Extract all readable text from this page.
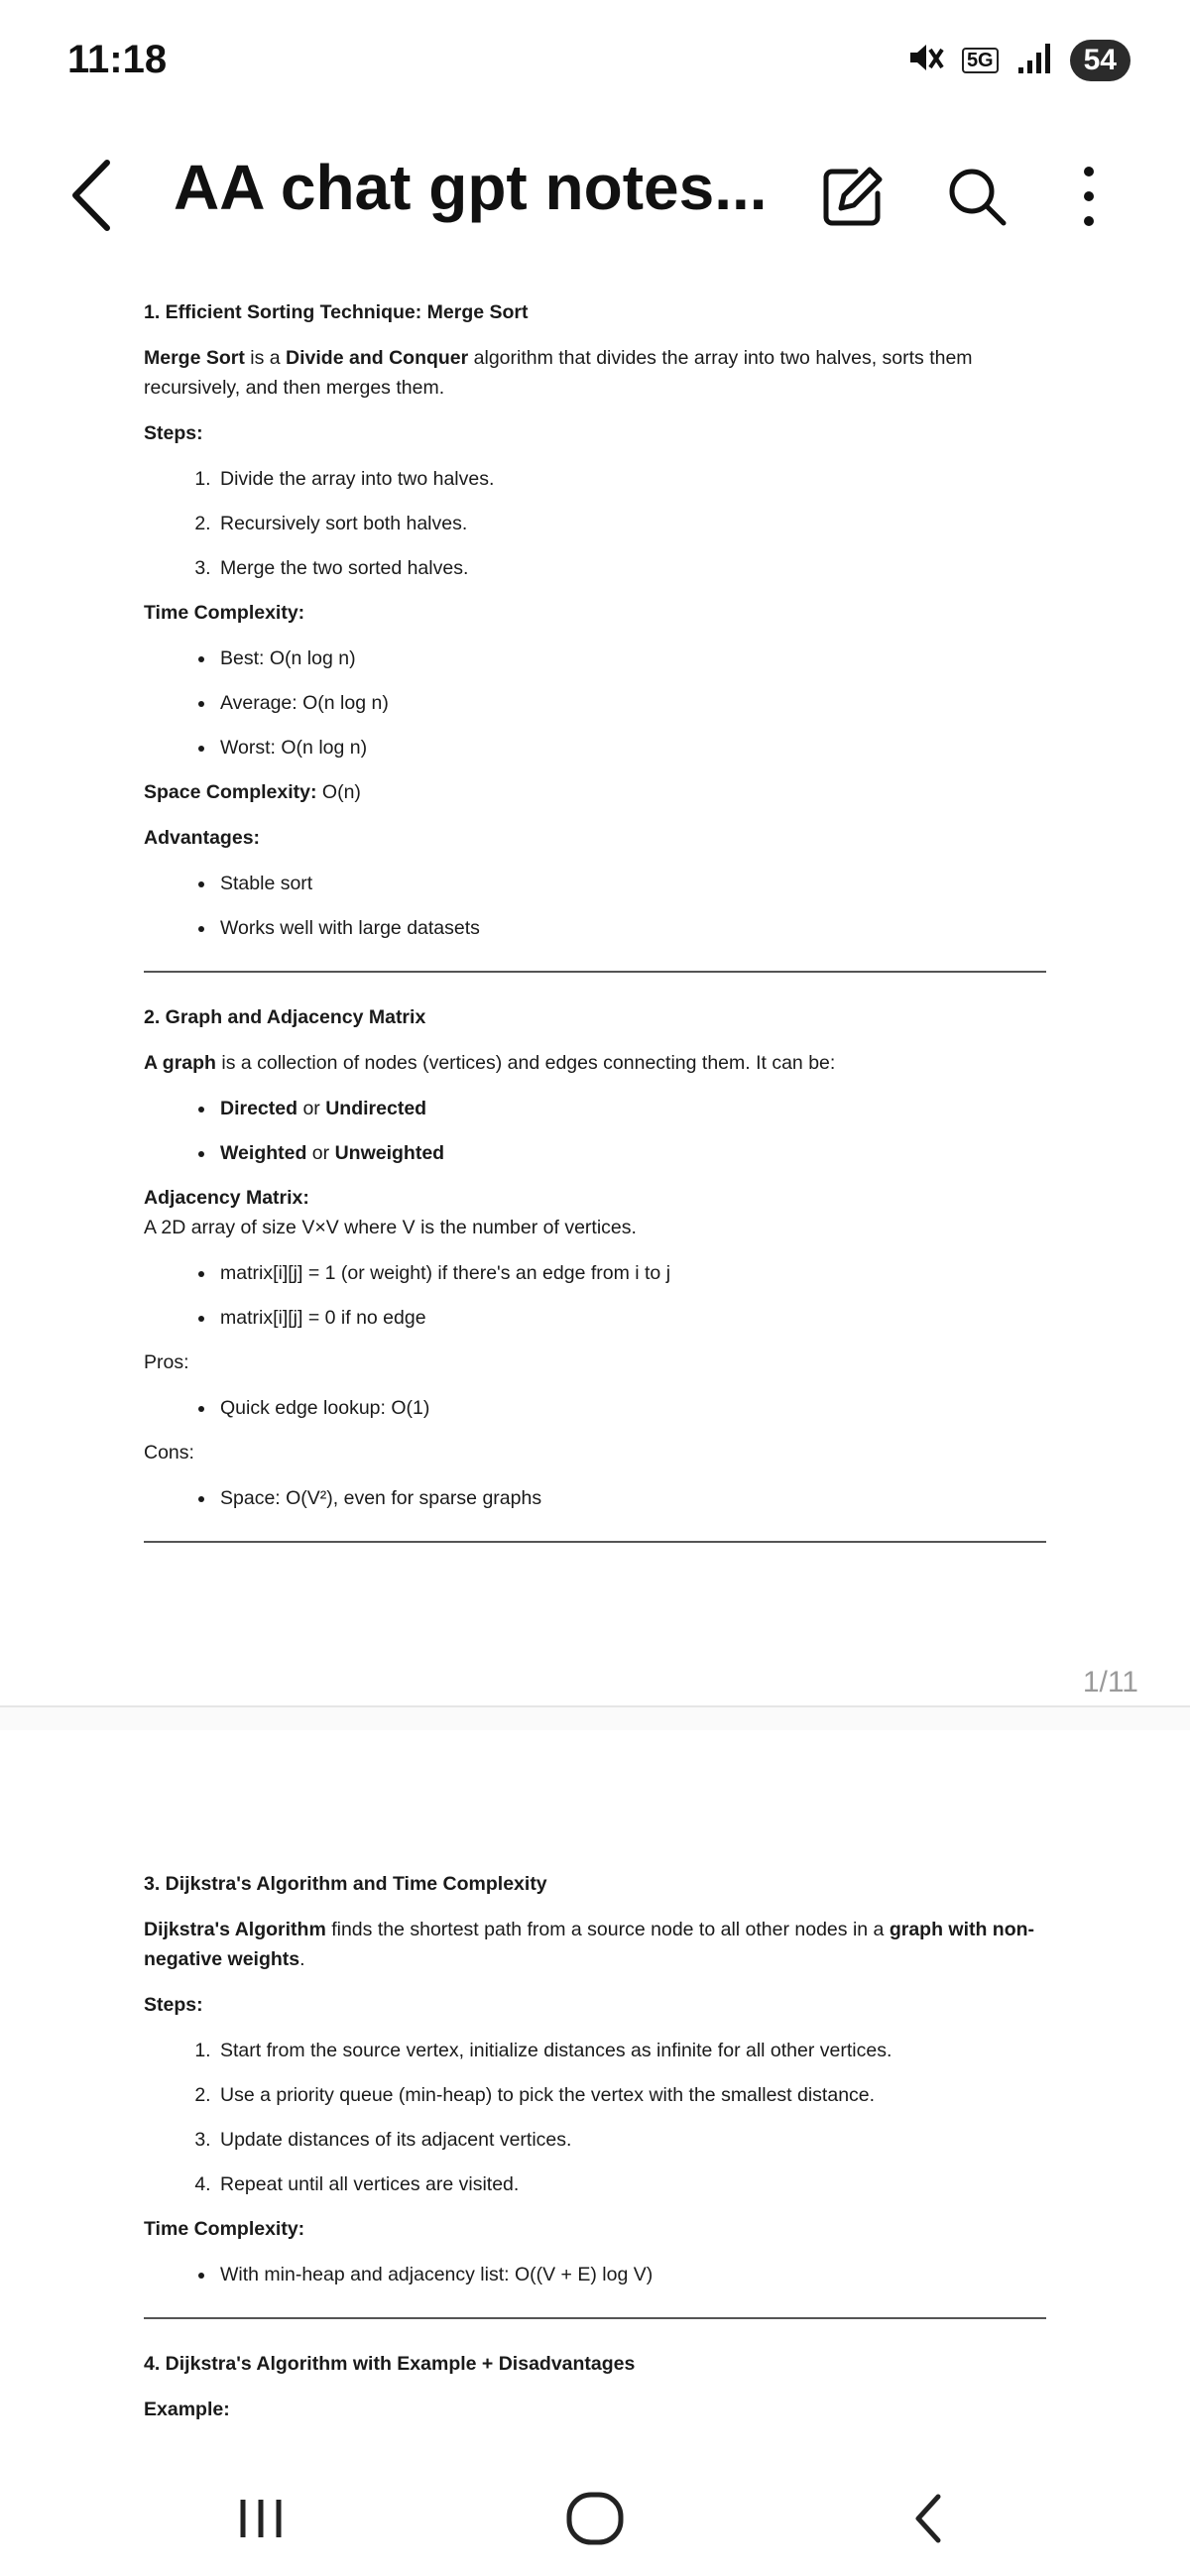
11:18	5G	54
AA chat gpt notes...
1. Efficient Sorting Technique: Merge Sort

Merge Sort is a Divide and Conquer algorithm that divides the array into two halves, sorts them recursively, and then merges them.

Steps:
1. Divide the array into two halves.
2. Recursively sort both halves.
3. Merge the two sorted halves.
Time Complexity:
• Best: O(n log n)
• Average: O(n log n)
• Worst: O(n log n)

Space Complexity: O(n)

Advantages:
• Stable sort
• Works well with large datasets
2. Graph and Adjacency Matrix

A graph is a collection of nodes (vertices) and edges connecting them. It can be:

• Directed or Undirected
• Weighted or Unweighted
Adjacency Matrix:
A 2D array of size V×V where V is the number of vertices.
• matrix[i][j] = 1 (or weight) if there's an edge from i to j
• matrix[i][j] = 0 if no edge
Pros:
• Quick edge lookup: O(1)
Cons:
• Space: O(V²), even for sparse graphs
1/11
3. Dijkstra's Algorithm and Time Complexity

Dijkstra's Algorithm finds the shortest path from a source node to all other nodes in a graph with non-negative weights.

Steps:
1. Start from the source vertex, initialize distances as infinite for all other vertices.
2. Use a priority queue (min-heap) to pick the vertex with the smallest distance.
3. Update distances of its adjacent vertices.
4. Repeat until all vertices are visited.
Time Complexity:
• With min-heap and adjacency list: O((V + E) log V)
4. Dijkstra's Algorithm with Example + Disadvantages
Example:
